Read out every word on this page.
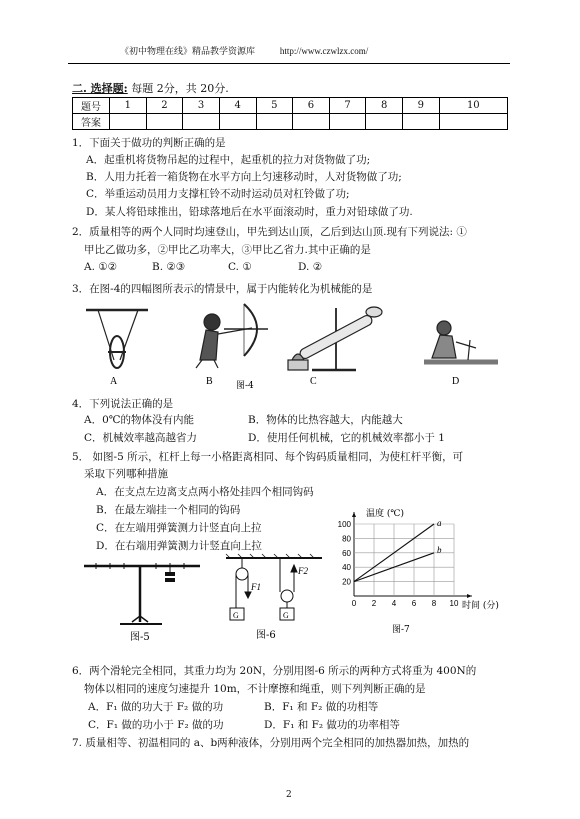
《初中物理在线》精品教学资源库	http://www.czwlzx.com/
二. 选择题: 每题 2分，共 20分.
题号	1	2	3	4	5	6	7	8	9	10
答案										
1．下面关于做功的判断正确的是
A．起重机将货物吊起的过程中，起重机的拉力对货物做了功;
B．人用力托着一箱货物在水平方向上匀速移动时，人对货物做了功;
C．举重运动员用力支撑杠铃不动时运动员对杠铃做了功;
D．某人将铅球推出，铅球落地后在水平面滚动时，重力对铅球做了功.
2．质量相等的两个人同时均速登山，甲先到达山顶，乙后到达山顶.现有下列说法: ①
甲比乙做功多，②甲比乙功率大，③甲比乙省力.其中正确的是
A. ①②	B. ②③	C. ①	D. ②
3．在图-4的四幅图所表示的情景中，属于内能转化为机械能的是
A	B	C	D
图-4
4．下列说法正确的是
A．0℃的物体没有内能	B．物体的比热容越大，内能越大
C．机械效率越高越省力	D．使用任何机械，它的机械效率都小于 1
5． 如图-5 所示，杠杆上每一小格距离相同、每个钩码质量相同，为使杠杆平衡，可
采取下列哪种措施
A．在支点左边离支点两小格处挂四个相同钩码
B．在最左端挂一个相同的钩码
C．在左端用弹簧测力计竖直向上拉
D．在右端用弹簧测力计竖直向上拉
图-5
F1
G
F2
G
图-6
100
80
60
40
20
0 2 4 6 8 10
a
b
温度 (℃)
时间 (分)
图-7
6．两个滑轮完全相同，其重力均为 20N，分别用图-6 所示的两种方式将重为 400N的
物体以相同的速度匀速提升 10m，不计摩擦和绳重，则下列判断正确的是
A．F₁ 做的功大于 F₂ 做的功	B．F₁ 和 F₂ 做的功相等
C．F₁ 做的功小于 F₂ 做的功	D．F₁ 和 F₂ 做功的功率相等
7. 质量相等、初温相同的 a、b两种液体，分别用两个完全相同的加热器加热，加热的
2
